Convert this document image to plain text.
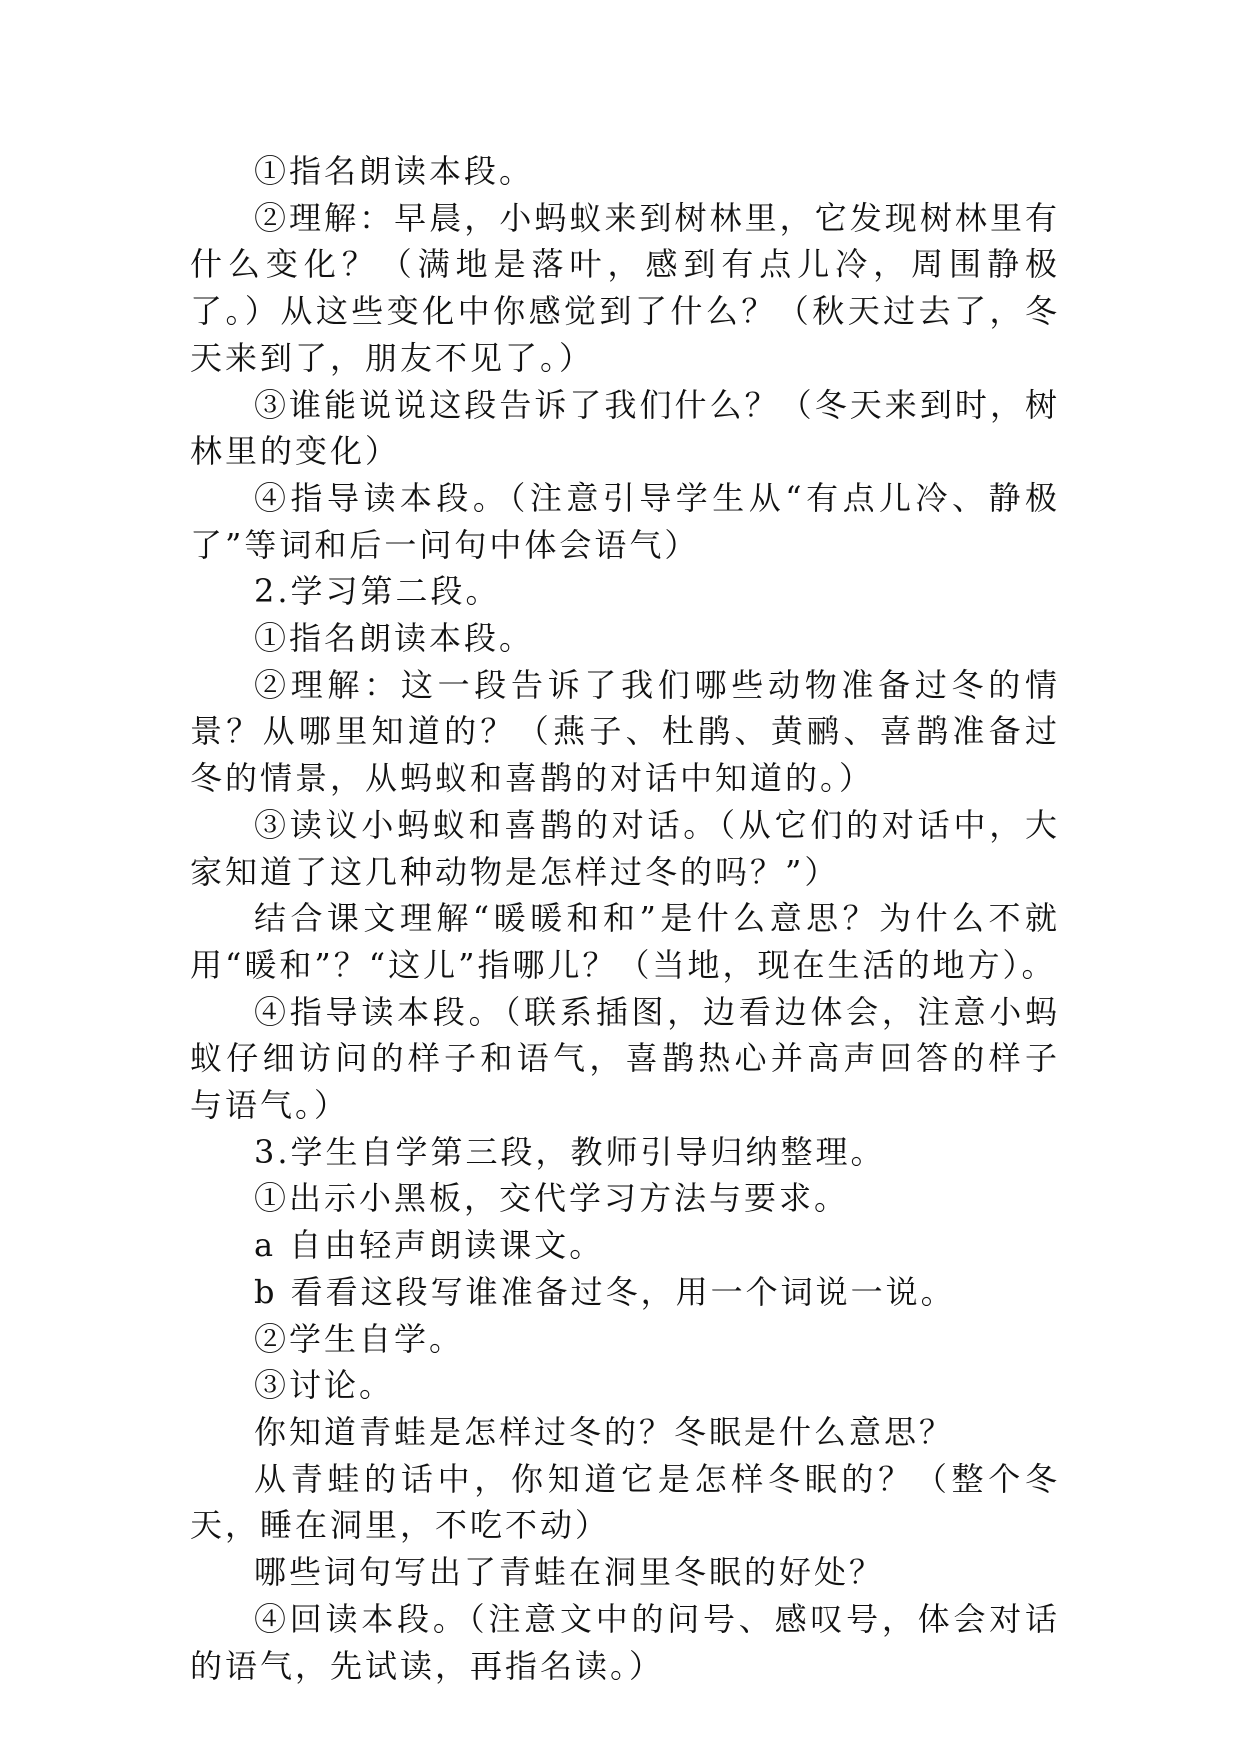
①指名朗读本段。

②理解：早晨，小蚂蚁来到树林里，它发现树林里有什么变化？（满地是落叶，感到有点儿冷，周围静极了。）从这些变化中你感觉到了什么？（秋天过去了，冬天来到了，朋友不见了。）

③谁能说说这段告诉了我们什么？（冬天来到时，树林里的变化）

④指导读本段。（注意引导学生从“有点儿冷、静极了”等词和后一问句中体会语气）

2.学习第二段。

①指名朗读本段。

②理解：这一段告诉了我们哪些动物准备过冬的情景？从哪里知道的？（燕子、杜鹃、黄鹂、喜鹊准备过冬的情景，从蚂蚁和喜鹊的对话中知道的。）

③读议小蚂蚁和喜鹊的对话。（从它们的对话中，大家知道了这几种动物是怎样过冬的吗？”）

结合课文理解“暖暖和和”是什么意思？为什么不就用“暖和”？“这儿”指哪儿？（当地，现在生活的地方）。

④指导读本段。（联系插图，边看边体会，注意小蚂蚁仔细访问的样子和语气，喜鹊热心并高声回答的样子与语气。）

3.学生自学第三段，教师引导归纳整理。

①出示小黑板，交代学习方法与要求。

a 自由轻声朗读课文。

b 看看这段写谁准备过冬，用一个词说一说。

②学生自学。

③讨论。

你知道青蛙是怎样过冬的？冬眠是什么意思？

从青蛙的话中，你知道它是怎样冬眠的？（整个冬天，睡在洞里，不吃不动）

哪些词句写出了青蛙在洞里冬眠的好处？

④回读本段。（注意文中的问号、感叹号，体会对话的语气，先试读，再指名读。）
